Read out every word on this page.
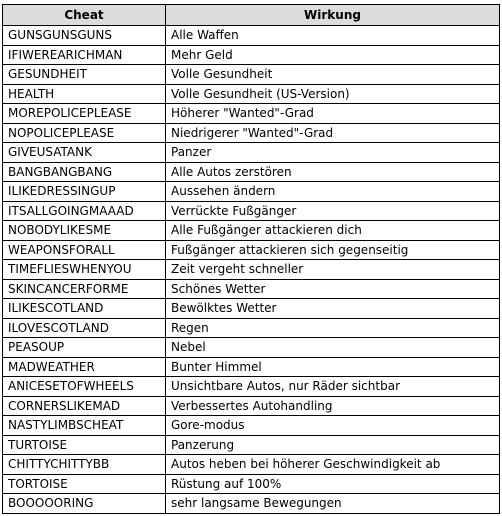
Cheat	Wirkung
GUNSGUNSGUNS	Alle Waffen
IFIWEREARICHMAN	Mehr Geld
GESUNDHEIT	Volle Gesundheit
HEALTH	Volle Gesundheit (US-Version)
MOREPOLICEPLEASE	Höherer "Wanted"-Grad
NOPOLICEPLEASE	Niedrigerer "Wanted"-Grad
GIVEUSATANK	Panzer
BANGBANGBANG	Alle Autos zerstören
ILIKEDRESSINGUP	Aussehen ändern
ITSALLGOINGMAAAD	Verrückte Fußgänger
NOBODYLIKESME	Alle Fußgänger attackieren dich
WEAPONSFORALL	Fußgänger attackieren sich gegenseitig
TIMEFLIESWHENYOU	Zeit vergeht schneller
SKINCANCERFORME	Schönes Wetter
ILIKESCOTLAND	Bewölktes Wetter
ILOVESCOTLAND	Regen
PEASOUP	Nebel
MADWEATHER	Bunter Himmel
ANICESETOFWHEELS	Unsichtbare Autos, nur Räder sichtbar
CORNERSLIKEMAD	Verbessertes Autohandling
NASTYLIMBSCHEAT	Gore-modus
TURTOISE	Panzerung
CHITTYCHITTYBB	Autos heben bei höherer Geschwindigkeit ab
TORTOISE	Rüstung auf 100%
BOOOOORING	sehr langsame Bewegungen
